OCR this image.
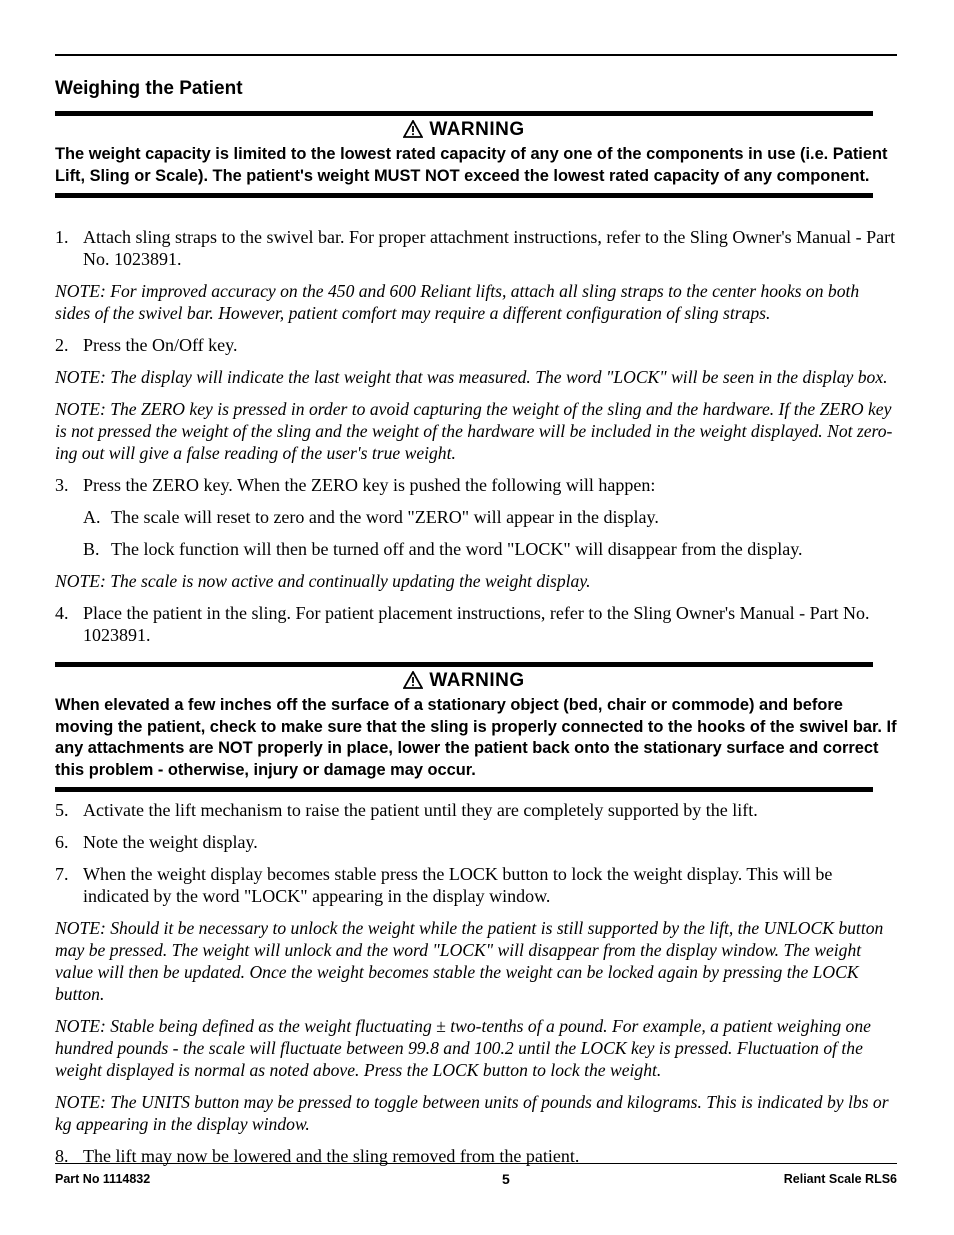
Weighing the Patient
WARNING
The weight capacity is limited to the lowest rated capacity of any one of the components in use (i.e. Patient Lift, Sling or Scale). The patient's weight MUST NOT exceed the lowest rated capacity of any component.
1. Attach sling straps to the swivel bar. For proper attachment instructions, refer to the Sling Owner's Manual - Part No. 1023891.
NOTE: For improved accuracy on the 450 and 600 Reliant lifts, attach all sling straps to the center hooks on both sides of the swivel bar. However, patient comfort may require a different configuration of sling straps.
2. Press the On/Off key.
NOTE: The display will indicate the last weight that was measured. The word "LOCK" will be seen in the display box.
NOTE: The ZERO key is pressed in order to avoid capturing the weight of the sling and the hardware. If the ZERO key is not pressed the weight of the sling and the weight of the hardware will be included in the weight displayed. Not zero-ing out will give a false reading of the user's true weight.
3. Press the ZERO key. When the ZERO key is pushed the following will happen:
A. The scale will reset to zero and the word "ZERO" will appear in the display.
B. The lock function will then be turned off and the word "LOCK" will disappear from the display.
NOTE: The scale is now active and continually updating the weight display.
4. Place the patient in the sling. For patient placement instructions, refer to the Sling Owner's Manual - Part No. 1023891.
WARNING
When elevated a few inches off the surface of a stationary object (bed, chair or commode) and before moving the patient, check to make sure that the sling is properly connected to the hooks of the swivel bar. If any attachments are NOT properly in place, lower the patient back onto the stationary surface and correct this problem - otherwise, injury or damage may occur.
5. Activate the lift mechanism to raise the patient until they are completely supported by the lift.
6. Note the weight display.
7. When the weight display becomes stable press the LOCK button to lock the weight display. This will be indicated by the word "LOCK" appearing in the display window.
NOTE: Should it be necessary to unlock the weight while the patient is still supported by the lift, the UNLOCK button may be pressed. The weight will unlock and the word "LOCK" will disappear from the display window. The weight value will then be updated. Once the weight becomes stable the weight can be locked again by pressing the LOCK button.
NOTE: Stable being defined as the weight fluctuating ± two-tenths of a pound. For example, a patient weighing one hundred pounds - the scale will fluctuate between 99.8 and 100.2 until the LOCK key is pressed. Fluctuation of the weight displayed is normal as noted above. Press the LOCK button to lock the weight.
NOTE: The UNITS button may be pressed to toggle between units of pounds and kilograms. This is indicated by lbs or kg appearing in the display window.
8. The lift may now be lowered and the sling removed from the patient.
Part No 1114832	5	Reliant Scale RLS6
